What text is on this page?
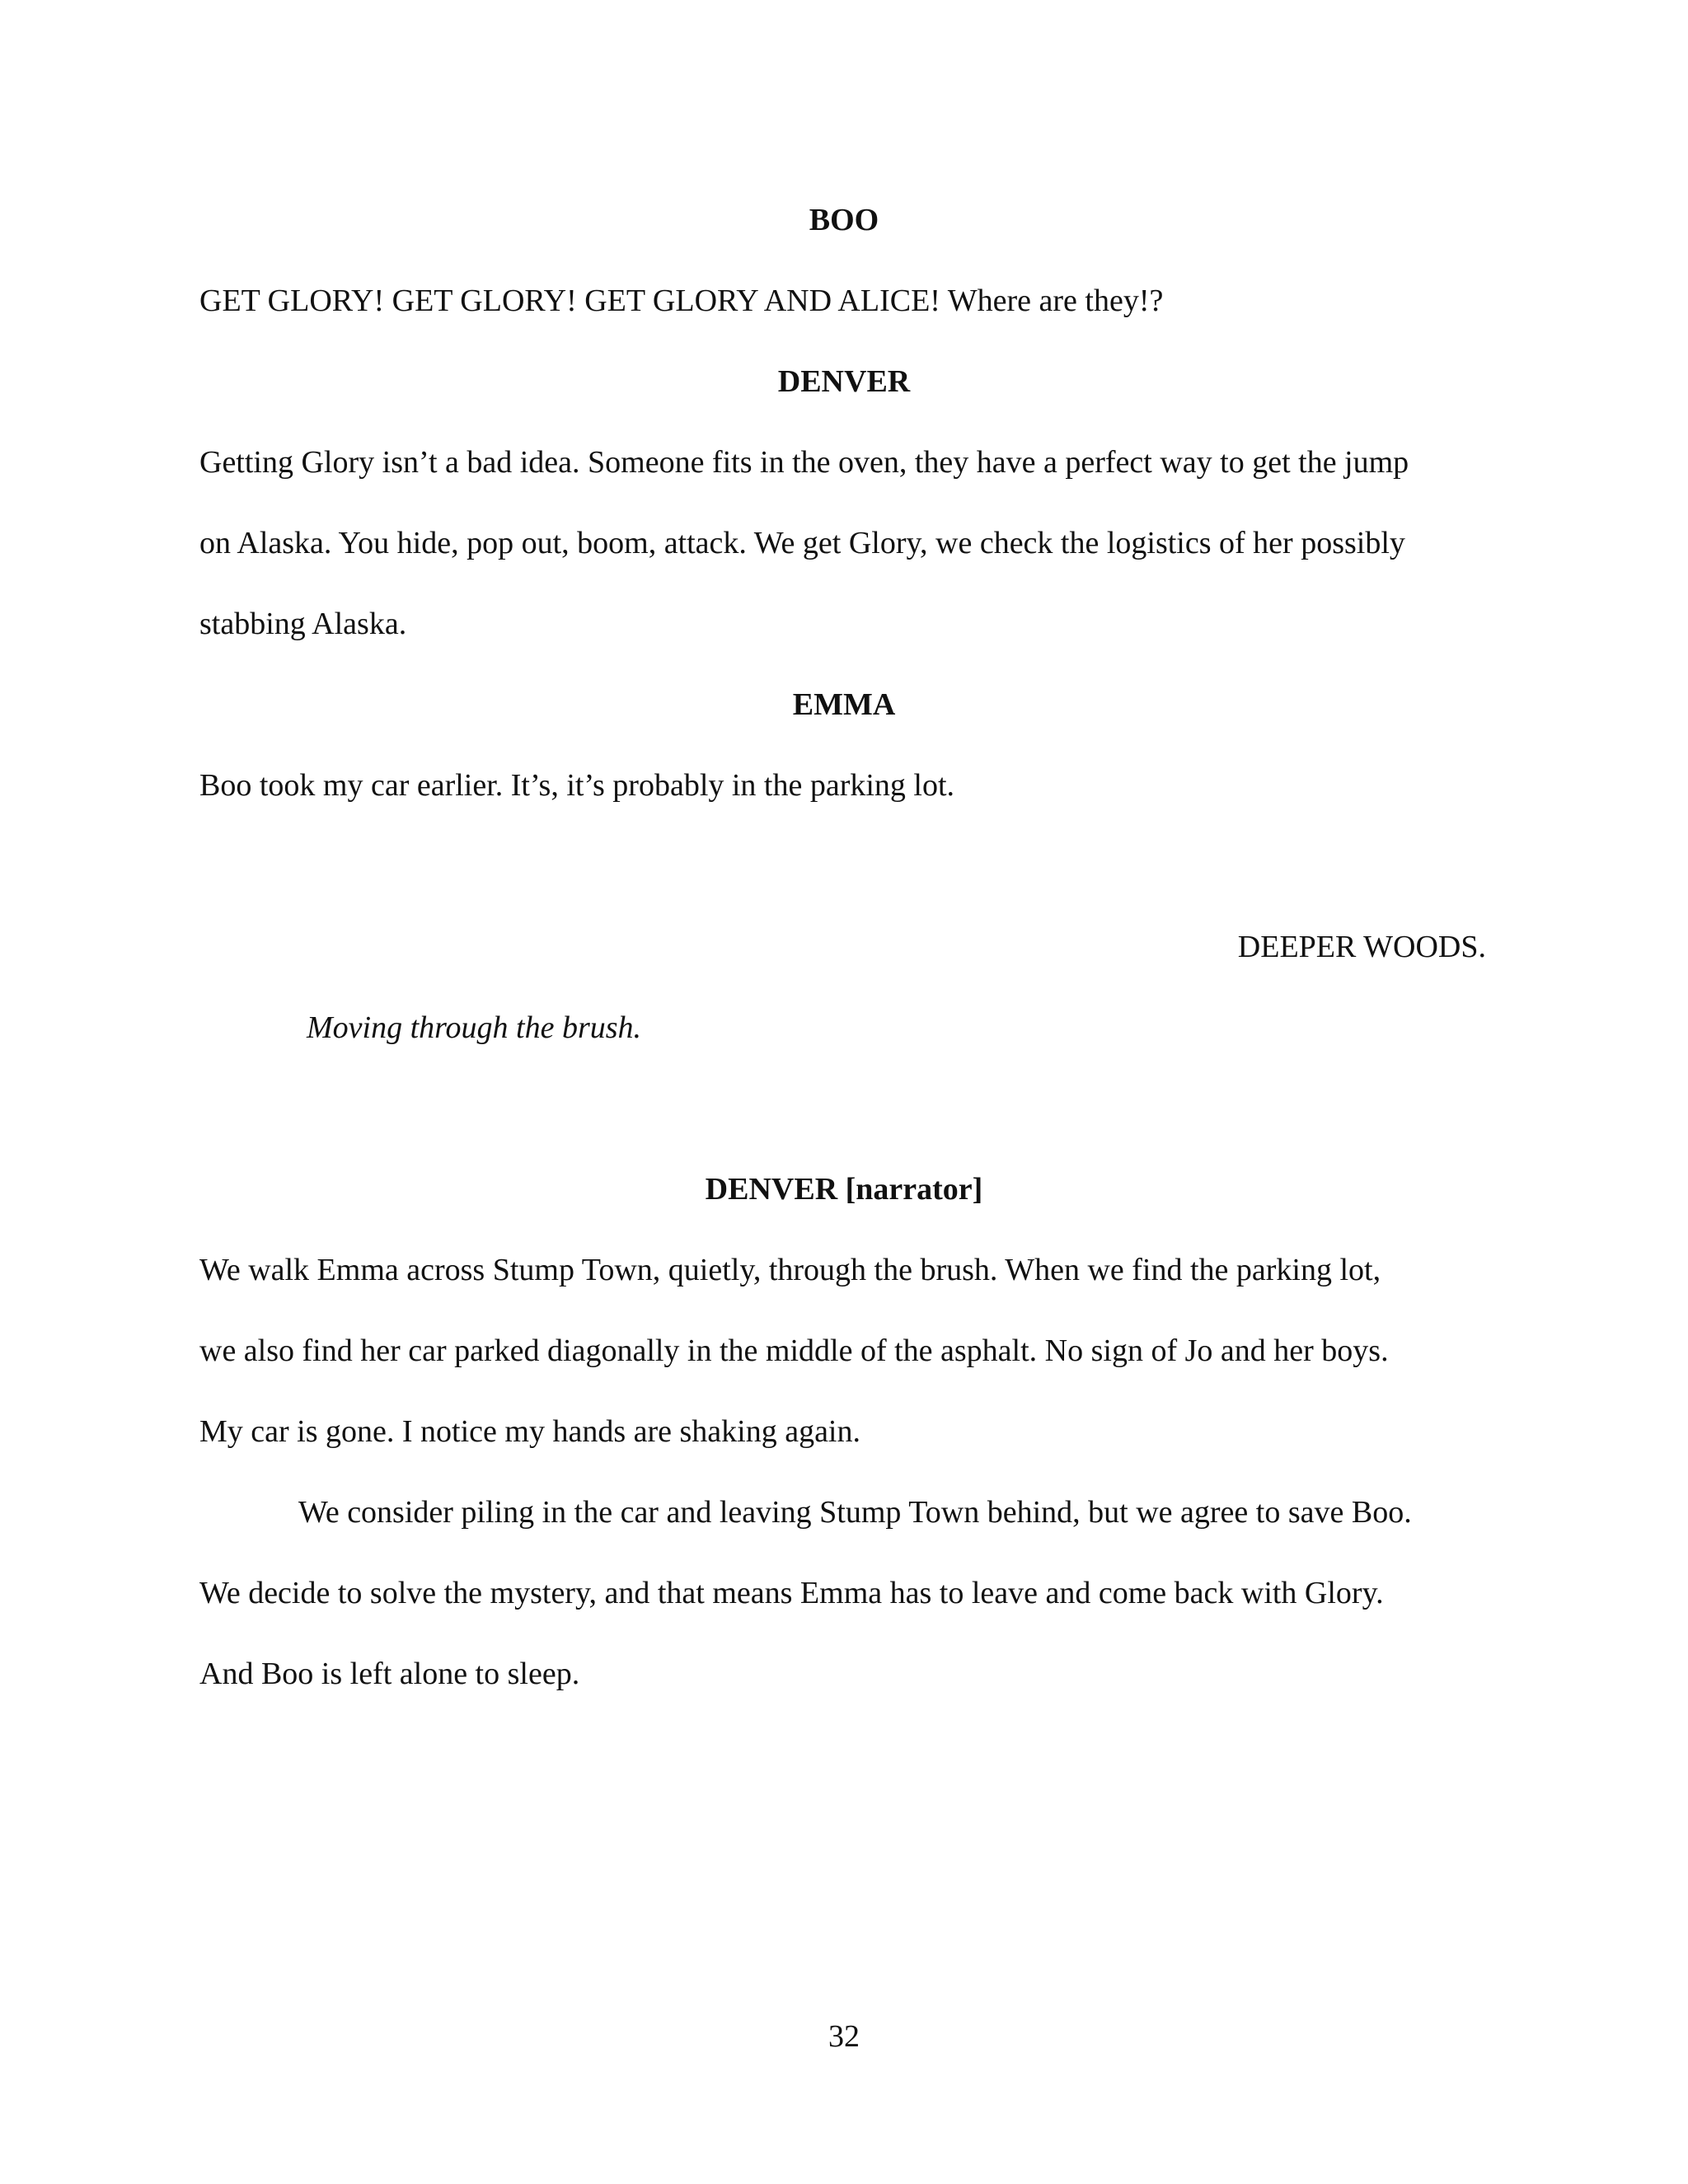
BOO

GET GLORY! GET GLORY! GET GLORY AND ALICE! Where are they!?

DENVER

Getting Glory isn’t a bad idea. Someone fits in the oven, they have a perfect way to get the jump

on Alaska. You hide, pop out, boom, attack. We get Glory, we check the logistics of her possibly

stabbing Alaska.

EMMA

Boo took my car earlier. It’s, it’s probably in the parking lot.

DEEPER WOODS.

Moving through the brush.

DENVER [narrator]

We walk Emma across Stump Town, quietly, through the brush. When we find the parking lot,

we also find her car parked diagonally in the middle of the asphalt. No sign of Jo and her boys.

My car is gone. I notice my hands are shaking again.

We consider piling in the car and leaving Stump Town behind, but we agree to save Boo.

We decide to solve the mystery, and that means Emma has to leave and come back with Glory.

And Boo is left alone to sleep.

32
